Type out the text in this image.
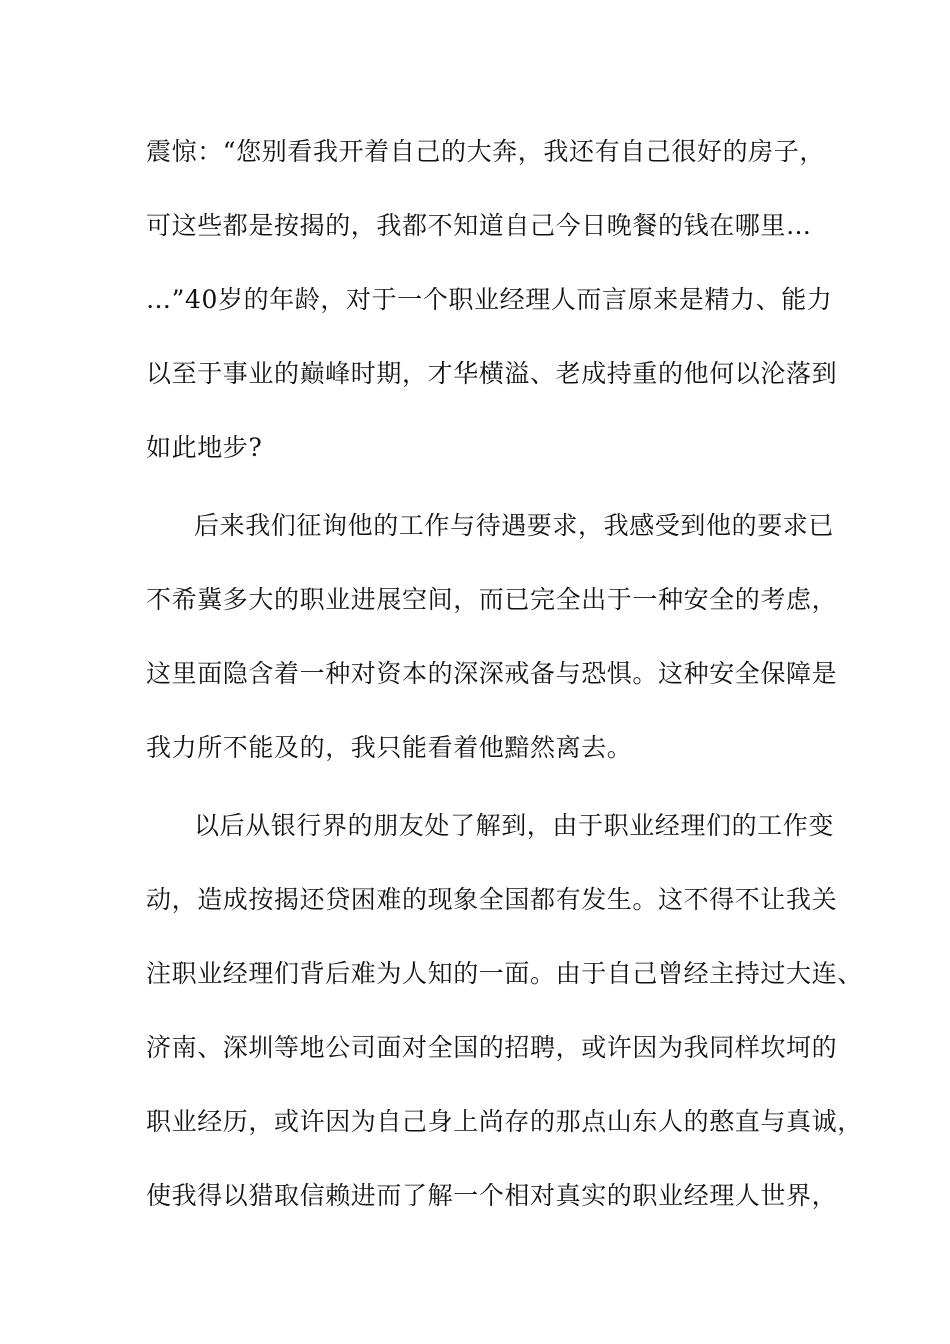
震惊：“您别看我开着自己的大奔，我还有自己很好的房子，
可这些都是按揭的，我都不知道自己今日晚餐的钱在哪里…
…”40岁的年龄，对于一个职业经理人而言原来是精力、能力
以至于事业的巅峰时期，才华横溢、老成持重的他何以沦落到
如此地步?
后来我们征询他的工作与待遇要求，我感受到他的要求已
不希冀多大的职业进展空间，而已完全出于一种安全的考虑，
这里面隐含着一种对资本的深深戒备与恐惧。这种安全保障是
我力所不能及的，我只能看着他黯然离去。
以后从银行界的朋友处了解到，由于职业经理们的工作变
动，造成按揭还贷困难的现象全国都有发生。这不得不让我关
注职业经理们背后难为人知的一面。由于自己曾经主持过大连、
济南、深圳等地公司面对全国的招聘，或许因为我同样坎坷的
职业经历，或许因为自己身上尚存的那点山东人的憨直与真诚，
使我得以猎取信赖进而了解一个相对真实的职业经理人世界，
